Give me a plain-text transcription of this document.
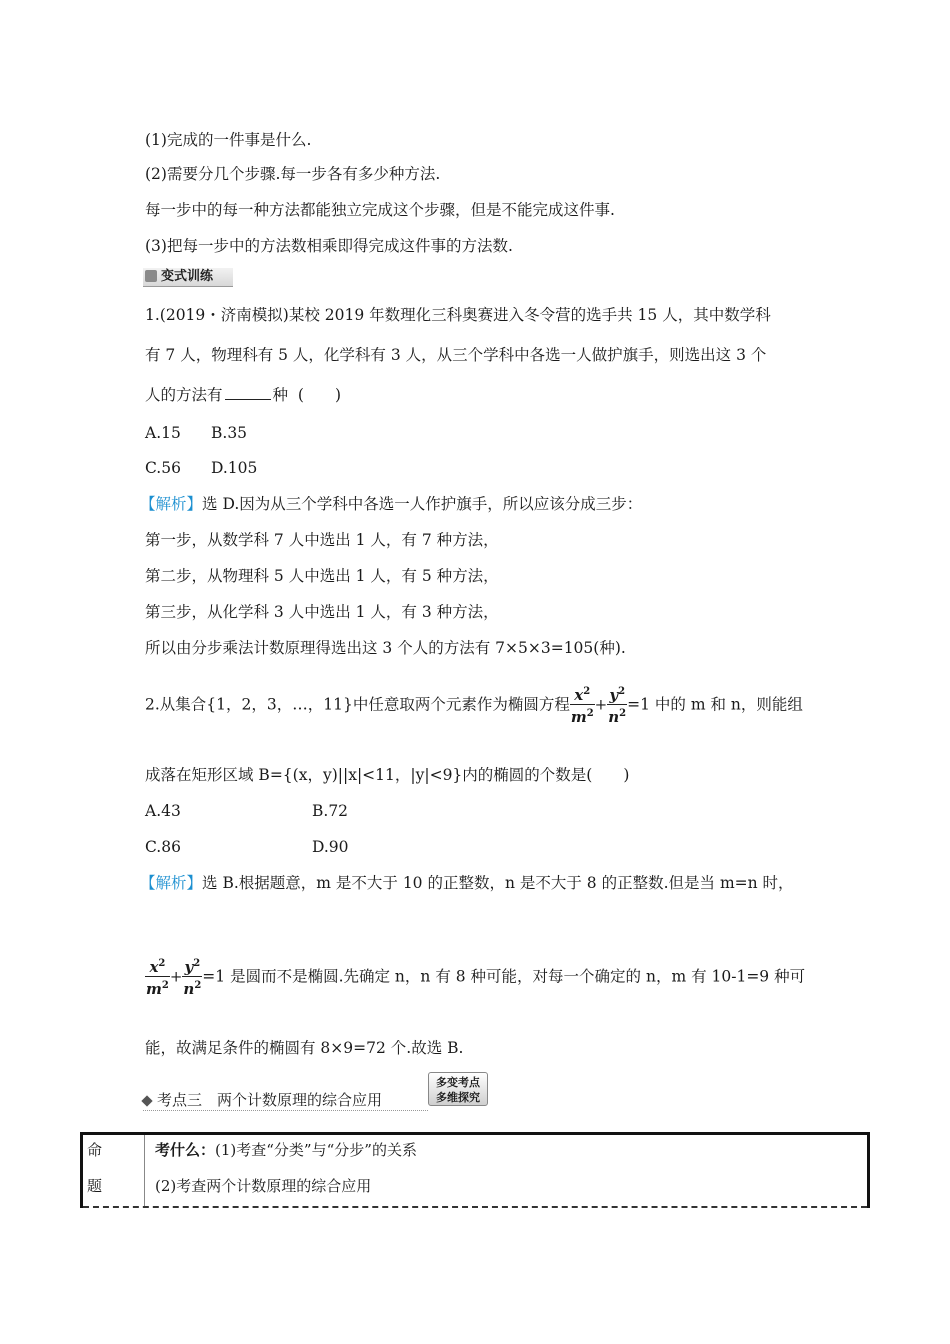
(1)完成的一件事是什么.
(2)需要分几个步骤.每一步各有多少种方法.
每一步中的每一种方法都能独立完成这个步骤，但是不能完成这件事.
(3)把每一步中的方法数相乘即得完成这件事的方法数.
变式训练
1.(2019・济南模拟)某校 2019 年数理化三科奥赛进入冬令营的选手共 15 人，其中数学科
有 7 人，物理科有 5 人，化学科有 3 人，从三个学科中各选一人做护旗手，则选出这 3 个
人的方法有	种 (　　)
A.15 B.35
C.56 D.105
【解析】选 D.因为从三个学科中各选一人作护旗手，所以应该分成三步：
第一步，从数学科 7 人中选出 1 人，有 7 种方法，
第二步，从物理科 5 人中选出 1 人，有 5 种方法，
第三步，从化学科 3 人中选出 1 人，有 3 种方法，
所以由分步乘法计数原理得选出这 3 个人的方法有 7×5×3=105(种).
2.从集合{1，2，3，…，11}中任意取两个元素作为椭圆方程 $\frac{x^2}{m^2} + \frac{y^2}{n^2} =1$ 中的 m 和 n，则能组
成落在矩形区域 B={(x，y)||x|<11，|y|<9}内的椭圆的个数是(　　)
A.43	B.72
C.86	D.90
【解析】选 B.根据题意，m 是不大于 10 的正整数，n 是不大于 8 的正整数.但是当 m=n 时，
$\frac{x^2}{m^2} + \frac{y^2}{n^2} =1$ 是圆而不是椭圆.先确定 n，n 有 8 种可能，对每一个确定的 n，m 有 10-1=9 种可
能，故满足条件的椭圆有 8×9=72 个.故选 B.
考点三　两个计数原理的综合应用
多变考点
多维探究
命
题
考什么：(1)考查“分类”与“分步”的关系
(2)考查两个计数原理的综合应用
